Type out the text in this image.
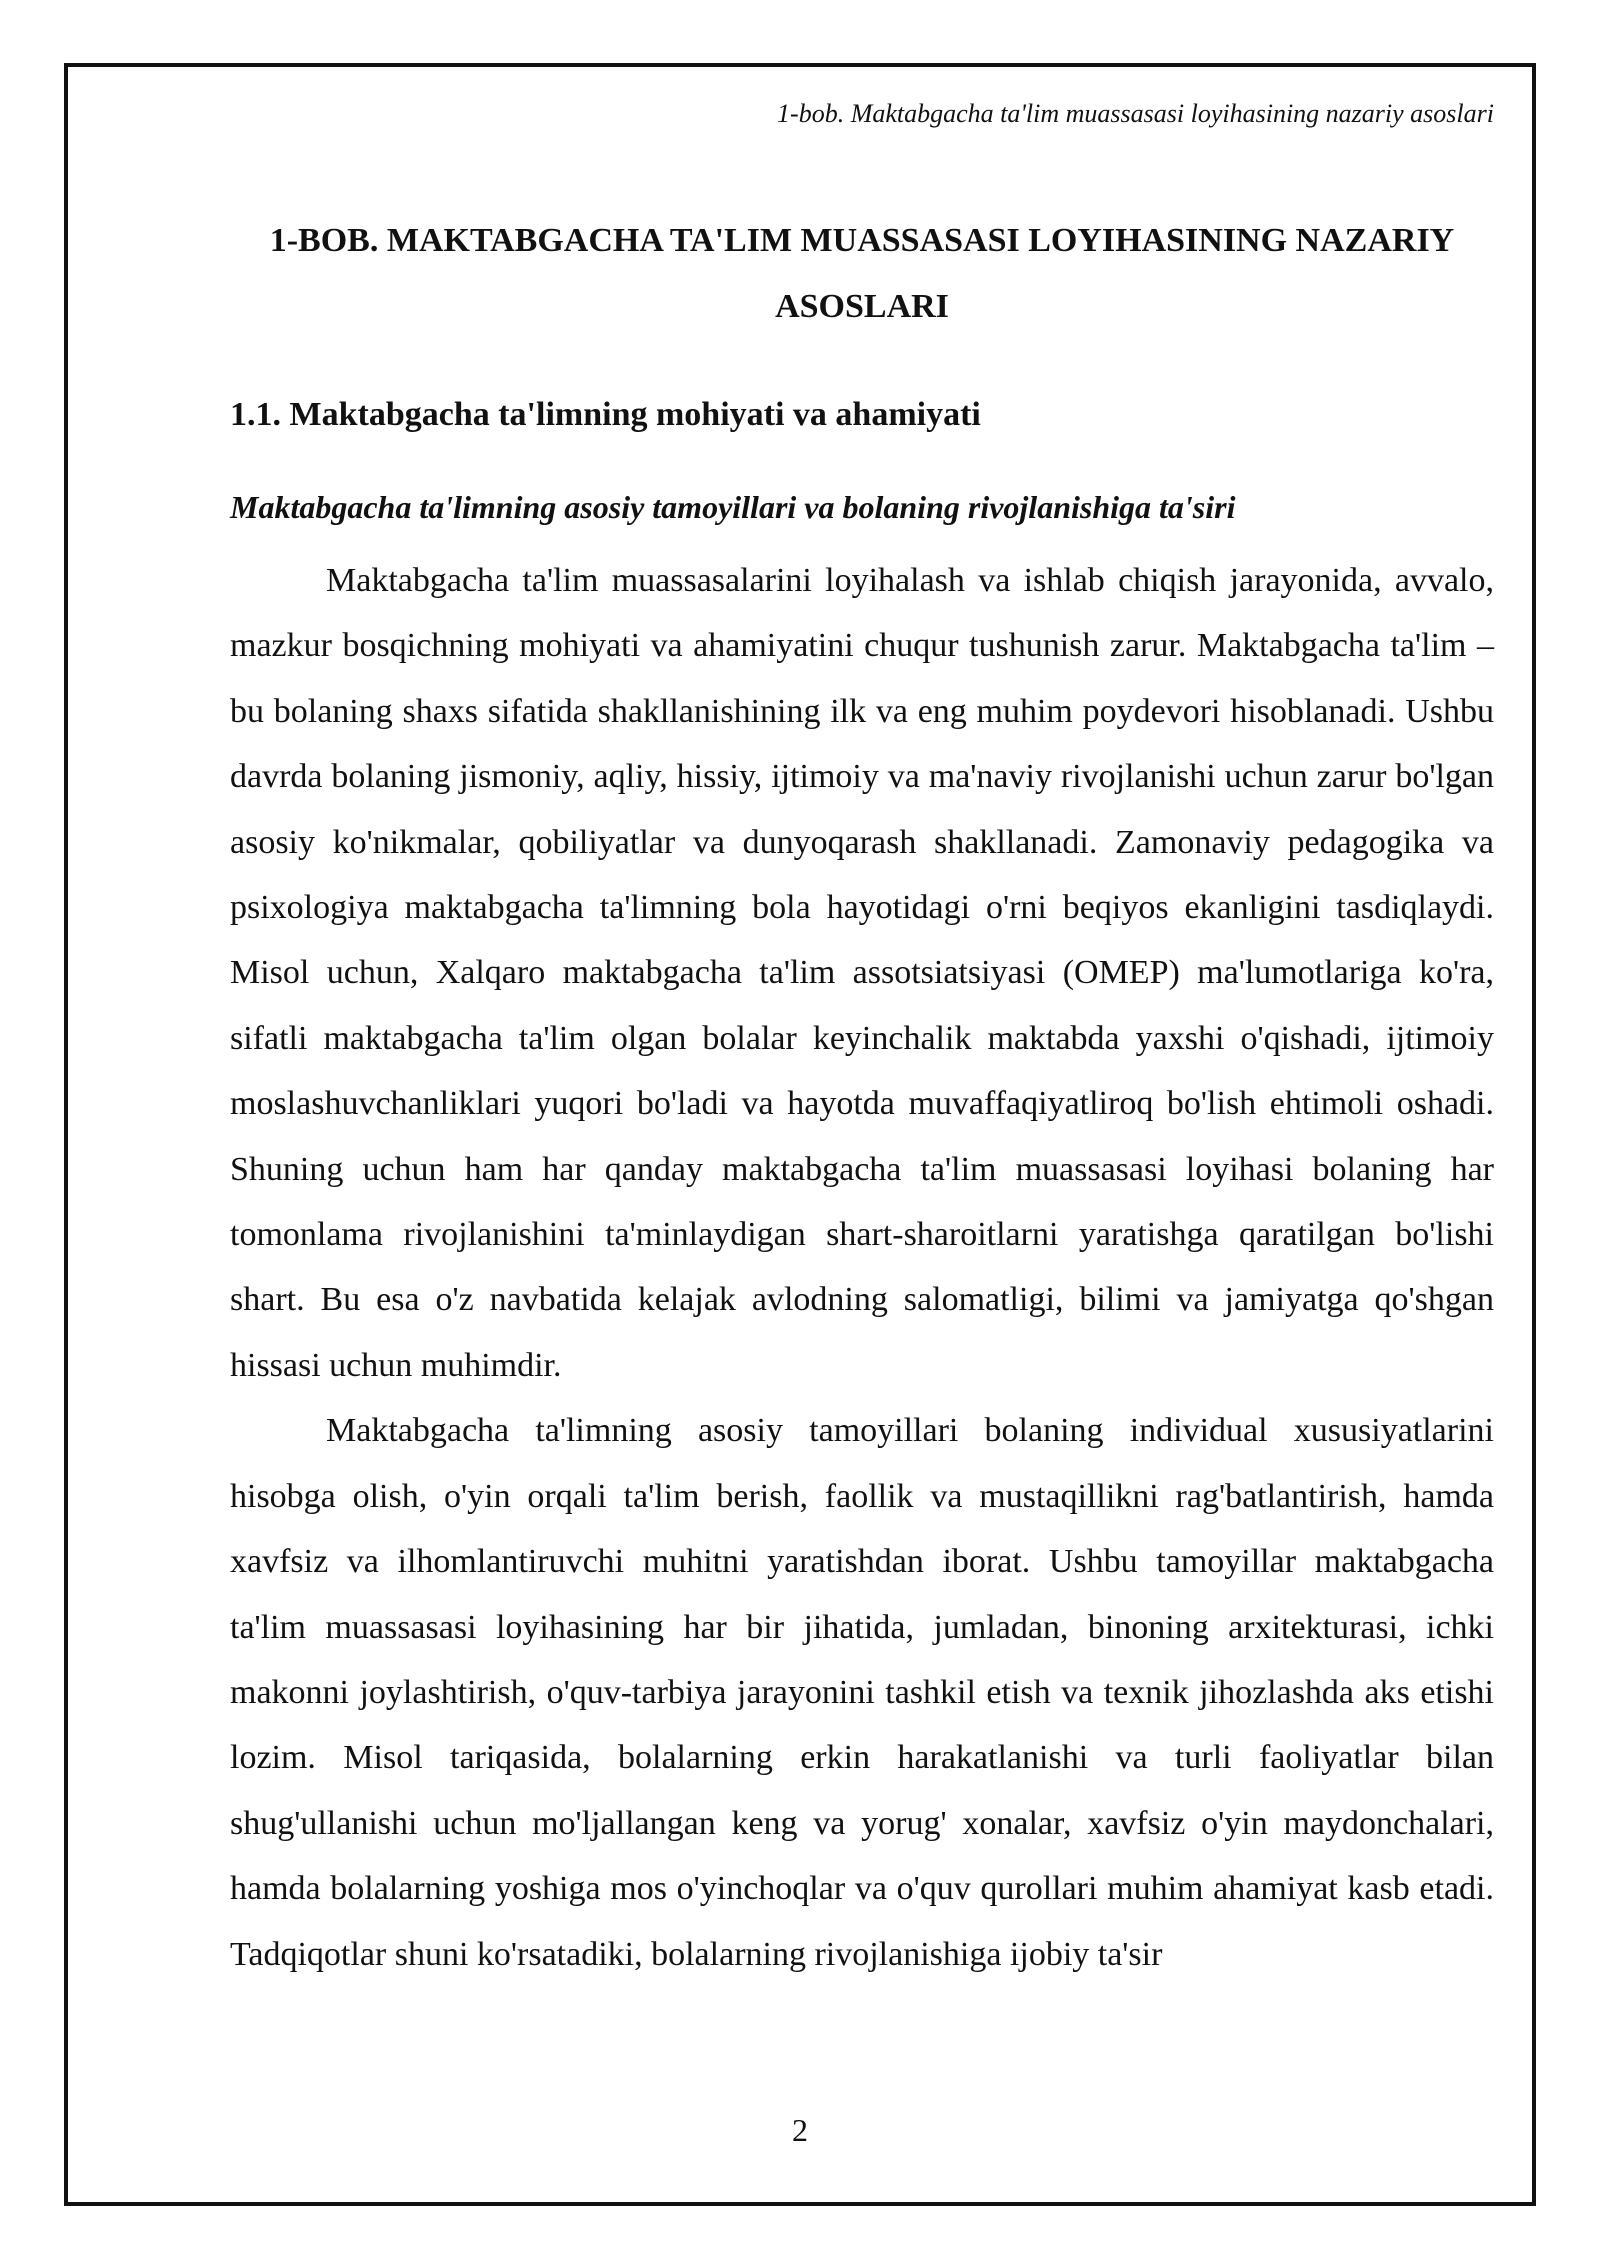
1-bob. Maktabgacha ta'lim muassasasi loyihasining nazariy asoslari
1-BOB. MAKTABGACHA TA'LIM MUASSASASI LOYIHASINING NAZARIY ASOSLARI
1.1. Maktabgacha ta'limning mohiyati va ahamiyati
Maktabgacha ta'limning asosiy tamoyillari va bolaning rivojlanishiga ta'siri

Maktabgacha ta'lim muassasalarini loyihalash va ishlab chiqish jarayonida, avvalo, mazkur bosqichning mohiyati va ahamiyatini chuqur tushunish zarur. Maktabgacha ta'lim – bu bolaning shaxs sifatida shakllanishining ilk va eng muhim poydevori hisoblanadi. Ushbu davrda bolaning jismoniy, aqliy, hissiy, ijtimoiy va ma'naviy rivojlanishi uchun zarur bo'lgan asosiy ko'nikmalar, qobiliyatlar va dunyoqarash shakllanadi. Zamonaviy pedagogika va psixologiya maktabgacha ta'limning bola hayotidagi o'rni beqiyos ekanligini tasdiqlaydi. Misol uchun, Xalqaro maktabgacha ta'lim assotsiatsiyasi (OMEP) ma'lumotlariga ko'ra, sifatli maktabgacha ta'lim olgan bolalar keyinchalik maktabda yaxshi o'qishadi, ijtimoiy moslashuvchanliklari yuqori bo'ladi va hayotda muvaffaqiyatliroq bo'lish ehtimoli oshadi. Shuning uchun ham har qanday maktabgacha ta'lim muassasasi loyihasi bolaning har tomonlama rivojlanishini ta'minlaydigan shart-sharoitlarni yaratishga qaratilgan bo'lishi shart. Bu esa o'z navbatida kelajak avlodning salomatligi, bilimi va jamiyatga qo'shgan hissasi uchun muhimdir.

Maktabgacha ta'limning asosiy tamoyillari bolaning individual xususiyatlarini hisobga olish, o'yin orqali ta'lim berish, faollik va mustaqillikni rag'batlantirish, hamda xavfsiz va ilhomlantiruvchi muhitni yaratishdan iborat. Ushbu tamoyillar maktabgacha ta'lim muassasasi loyihasining har bir jihatida, jumladan, binoning arxitekturasi, ichki makonni joylashtirish, o'quv-tarbiya jarayonini tashkil etish va texnik jihozlashda aks etishi lozim. Misol tariqasida, bolalarning erkin harakatlanishi va turli faoliyatlar bilan shug'ullanishi uchun mo'ljallangan keng va yorug' xonalar, xavfsiz o'yin maydonchalari, hamda bolalarning yoshiga mos o'yinchoqlar va o'quv qurollari muhim ahamiyat kasb etadi. Tadqiqotlar shuni ko'rsatadiki, bolalarning rivojlanishiga ijobiy ta'sir

2
